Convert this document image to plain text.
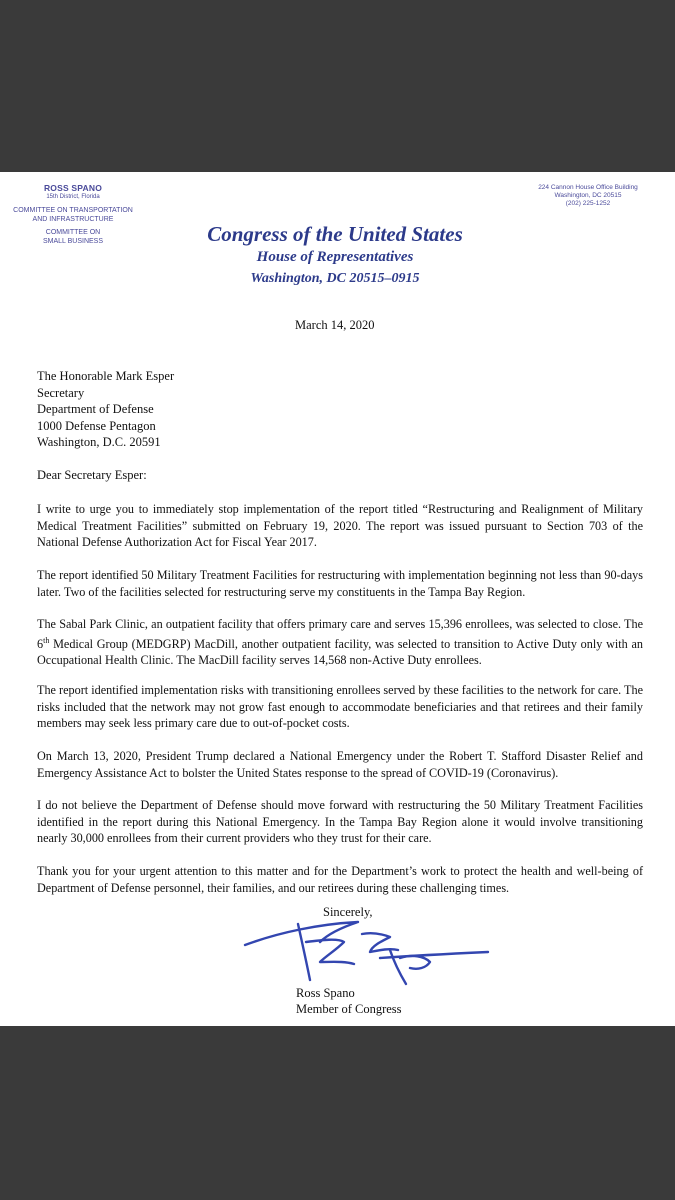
ROSS SPANO
15th District, Florida
COMMITTEE ON TRANSPORTATION
AND INFRASTRUCTURE
COMMITTEE ON
SMALL BUSINESS
224 Cannon House Office Building
Washington, DC 20515
(202) 225-1252
Congress of the United States
House of Representatives
Washington, DC 20515–0915
March 14, 2020
The Honorable Mark Esper
Secretary
Department of Defense
1000 Defense Pentagon
Washington, D.C. 20591
Dear Secretary Esper:
I write to urge you to immediately stop implementation of the report titled “Restructuring and Realignment of Military Medical Treatment Facilities” submitted on February 19, 2020. The report was issued pursuant to Section 703 of the National Defense Authorization Act for Fiscal Year 2017.
The report identified 50 Military Treatment Facilities for restructuring with implementation beginning not less than 90-days later. Two of the facilities selected for restructuring serve my constituents in the Tampa Bay Region.
The Sabal Park Clinic, an outpatient facility that offers primary care and serves 15,396 enrollees, was selected to close. The 6th Medical Group (MEDGRP) MacDill, another outpatient facility, was selected to transition to Active Duty only with an Occupational Health Clinic. The MacDill facility serves 14,568 non-Active Duty enrollees.
The report identified implementation risks with transitioning enrollees served by these facilities to the network for care. The risks included that the network may not grow fast enough to accommodate beneficiaries and that retirees and their family members may seek less primary care due to out-of-pocket costs.
On March 13, 2020, President Trump declared a National Emergency under the Robert T. Stafford Disaster Relief and Emergency Assistance Act to bolster the United States response to the spread of COVID-19 (Coronavirus).
I do not believe the Department of Defense should move forward with restructuring the 50 Military Treatment Facilities identified in the report during this National Emergency. In the Tampa Bay Region alone it would involve transitioning nearly 30,000 enrollees from their current providers who they trust for their care.
Thank you for your urgent attention to this matter and for the Department’s work to protect the health and well-being of Department of Defense personnel, their families, and our retirees during these challenging times.
Sincerely,
Ross Spano
Member of Congress
